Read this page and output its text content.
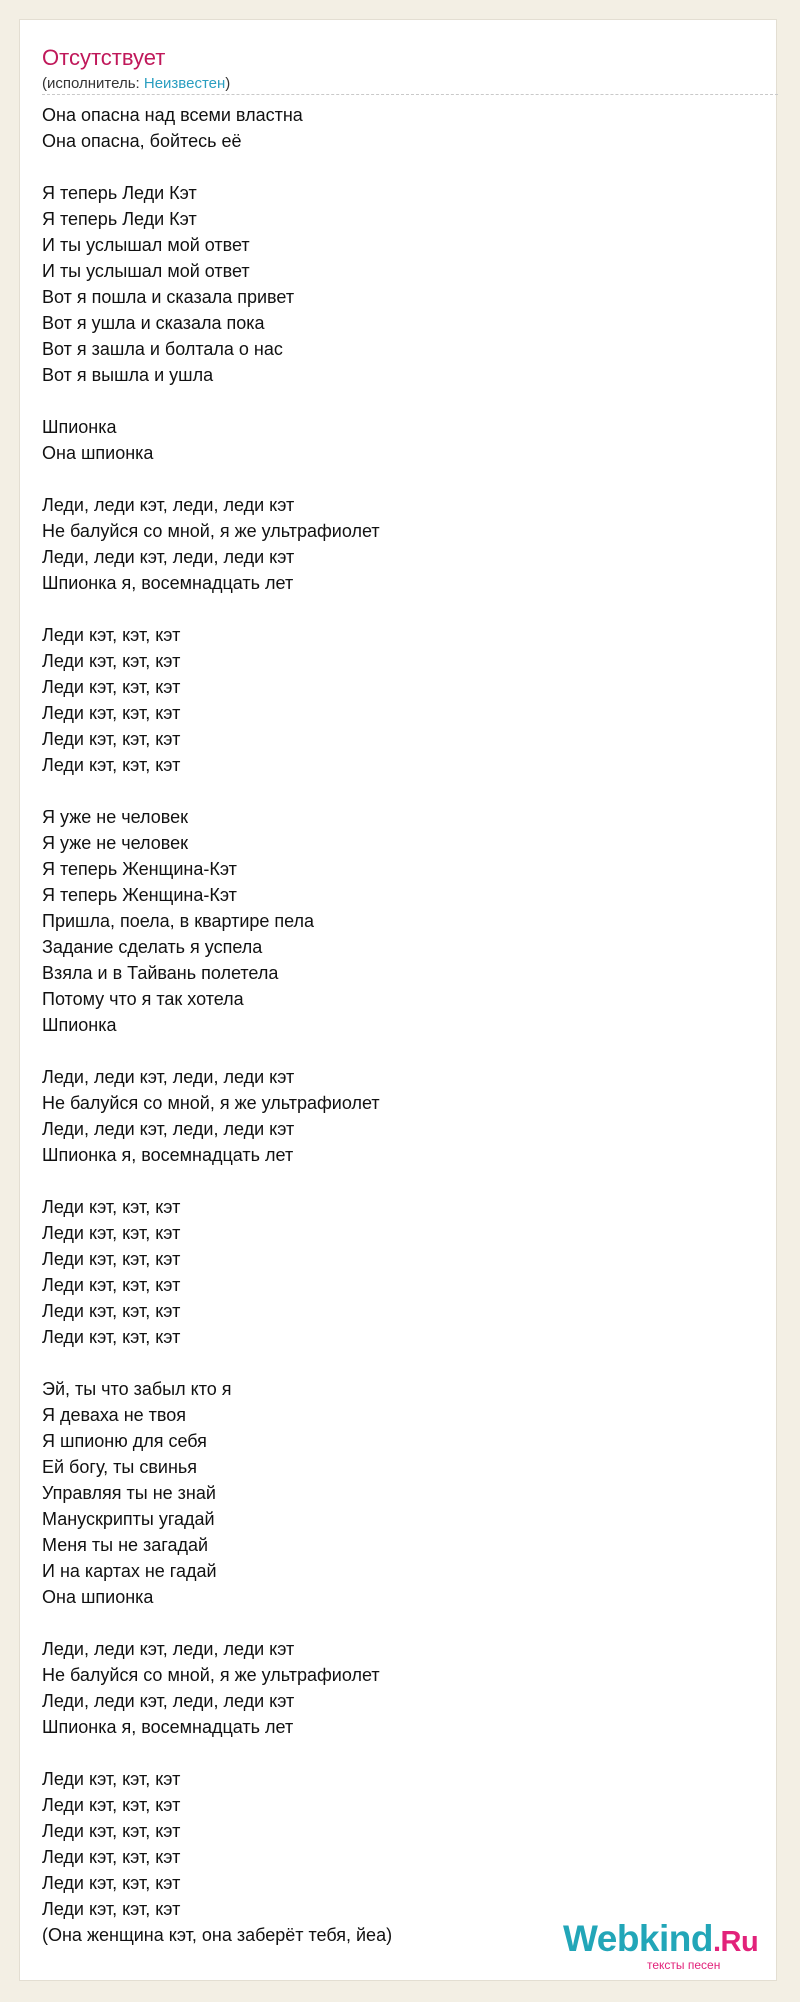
Отсутствует
(исполнитель: Неизвестен)
Она опасна над всеми властна
Она опасна, бойтесь её
Я теперь Леди Кэт
Я теперь Леди Кэт
И ты услышал мой ответ
И ты услышал мой ответ
Вот я пошла и сказала привет
Вот я ушла и сказала пока
Вот я зашла и болтала о нас
Вот я вышла и ушла
Шпионка
Она шпионка
Леди, леди кэт, леди, леди кэт
Не балуйся со мной, я же ультрафиолет
Леди, леди кэт, леди, леди кэт
Шпионка я, восемнадцать лет
Леди кэт, кэт, кэт
Леди кэт, кэт, кэт
Леди кэт, кэт, кэт
Леди кэт, кэт, кэт
Леди кэт, кэт, кэт
Леди кэт, кэт, кэт
Я уже не человек
Я уже не человек
Я теперь Женщина-Кэт
Я теперь Женщина-Кэт
Пришла, поела, в квартире пела
Задание сделать я успела
Взяла и в Тайвань полетела
Потому что я так хотела
Шпионка
Леди, леди кэт, леди, леди кэт
Не балуйся со мной, я же ультрафиолет
Леди, леди кэт, леди, леди кэт
Шпионка я, восемнадцать лет
Леди кэт, кэт, кэт
Леди кэт, кэт, кэт
Леди кэт, кэт, кэт
Леди кэт, кэт, кэт
Леди кэт, кэт, кэт
Леди кэт, кэт, кэт
Эй, ты что забыл кто я
Я деваха не твоя
Я шпионю для себя
Ей богу, ты свинья
Управляя ты не знай
Манускрипты угадай
Меня ты не загадай
И на картах не гадай
Она шпионка
Леди, леди кэт, леди, леди кэт
Не балуйся со мной, я же ультрафиолет
Леди, леди кэт, леди, леди кэт
Шпионка я, восемнадцать лет
Леди кэт, кэт, кэт
Леди кэт, кэт, кэт
Леди кэт, кэт, кэт
Леди кэт, кэт, кэт
Леди кэт, кэт, кэт
Леди кэт, кэт, кэт
(Она женщина кэт, она заберёт тебя, йеа)	Webkind.Ru
тексты песен
